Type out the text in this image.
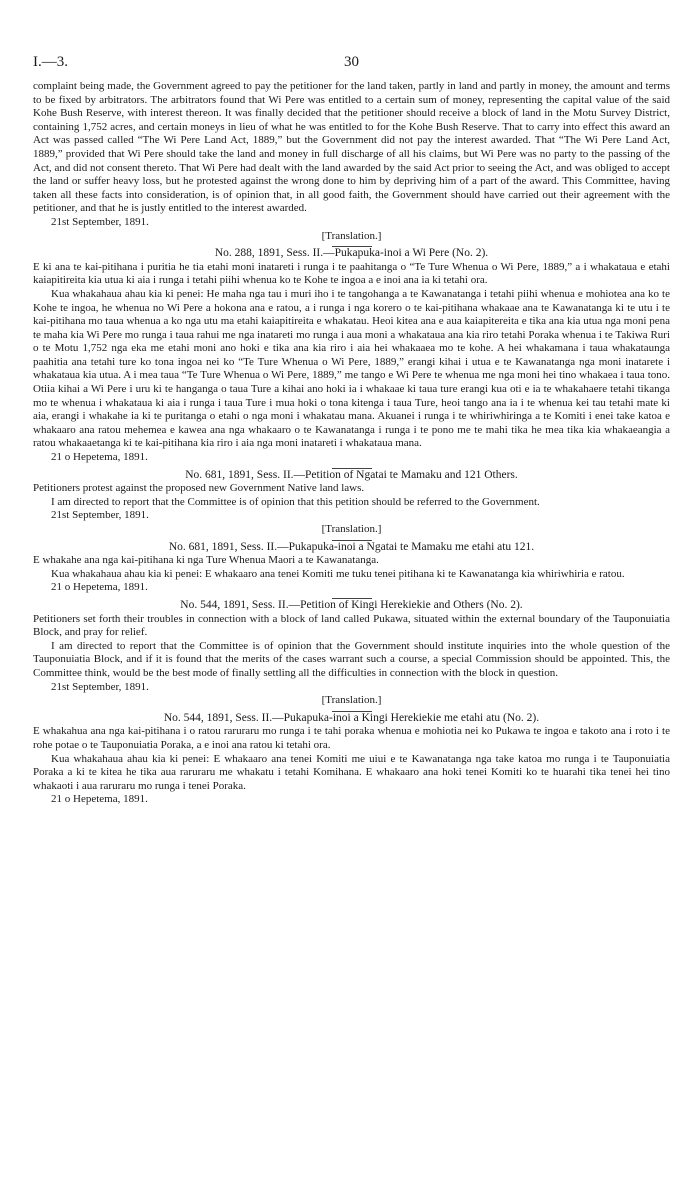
I.—3.	30

complaint being made, the Government agreed to pay the petitioner for the land taken, partly in land and partly in money, the amount and terms to be fixed by arbitrators. The arbitrators found that Wi Pere was entitled to a certain sum of money, representing the capital value of the said Kohe Bush Reserve, with interest thereon. It was finally decided that the petitioner should receive a block of land in the Motu Survey District, containing 1,752 acres, and certain moneys in lieu of what he was entitled to for the Kohe Bush Reserve. That to carry into effect this award an Act was passed called “The Wi Pere Land Act, 1889,” but the Government did not pay the interest awarded. That “The Wi Pere Land Act, 1889,” provided that Wi Pere should take the land and money in full discharge of all his claims, but Wi Pere was no party to the passing of the Act, and did not consent thereto. That Wi Pere had dealt with the land awarded by the said Act prior to seeing the Act, and was obliged to accept the land or suffer heavy loss, but he protested against the wrong done to him by depriving him of a part of the award. This Committee, having taken all these facts into consideration, is of opinion that, in all good faith, the Government should have carried out their agreement with the petitioner, and that he is justly entitled to the interest awarded.

21st September, 1891.

[Translation.]

No. 288, 1891, Sess. II.—Pukapuka-inoi a Wi Pere (No. 2).

E ki ana te kai-pitihana i puritia he tia etahi moni inatareti i runga i te paahitanga o “Te Ture Whenua o Wi Pere, 1889,” a i whakataua e etahi kaiapitireita kia utua ki aia i runga i tetahi piihi whenua ko te Kohe te ingoa a e inoi ana ia ki tetahi ora.

Kua whakahaua ahau kia ki penei: He maha nga tau i muri iho i te tangohanga a te Kawanatanga i tetahi piihi whenua e mohiotea ana ko te Kohe te ingoa, he whenua no Wi Pere a hokona ana e ratou, a i runga i nga korero o te kai-pitihana whakaae ana te Kawanatanga ki te utu i te kai-pitihana mo taua whenua a ko nga utu ma etahi kaiapitireita e whakatau. Heoi kitea ana e aua kaiapitereita e tika ana kia utua nga moni pena te maha kia Wi Pere mo runga i taua rahui me nga inatareti mo runga i aua moni a whakataua ana kia riro tetahi Poraka whenua i te Takiwa Ruri o te Motu 1,752 nga eka me etahi moni ano hoki e tika ana kia riro i aia hei whakaaea mo te kohe. A hei whakamana i taua whakataunga paahitia ana tetahi ture ko tona ingoa nei ko “Te Ture Whenua o Wi Pere, 1889,” erangi kihai i utua e te Kawanatanga nga moni inatarete i whakataua kia utua. A i mea taua “Te Ture Whenua o Wi Pere, 1889,” me tango e Wi Pere te whenua me nga moni hei tino whakaea i taua tono. Otiia kihai a Wi Pere i uru ki te hanganga o taua Ture a kihai ano hoki ia i whakaae ki taua ture erangi kua oti e ia te whakahaere tetahi tikanga mo te whenua i whakataua ki aia i runga i taua Ture i mua hoki o tona kitenga i taua Ture, heoi tango ana ia i te whenua kei tau tetahi mate ki aia, erangi i whakahe ia ki te puritanga o etahi o nga moni i whakatau mana. Akuanei i runga i te whiriwhiringa a te Komiti i enei take katoa e whakaaro ana ratou mehemea e kawea ana nga whakaaro o te Kawanatanga i runga i te pono me te mahi tika he mea tika kia whakaeangia a ratou whakaaetanga ki te kai-pitihana kia riro i aia nga moni inatareti i whakataua mana.

21 o Hepetema, 1891.

No. 681, 1891, Sess. II.—Petition of Ngatai te Mamaku and 121 Others.

Petitioners protest against the proposed new Government Native land laws.

I am directed to report that the Committee is of opinion that this petition should be referred to the Government.

21st September, 1891.

[Translation.]

No. 681, 1891, Sess. II.—Pukapuka-inoi a Ngatai te Mamaku me etahi atu 121.

E whakahe ana nga kai-pitihana ki nga Ture Whenua Maori a te Kawanatanga.

Kua whakahaua ahau kia ki penei: E whakaaro ana tenei Komiti me tuku tenei pitihana ki te Kawanatanga kia whiriwhiria e ratou.

21 o Hepetema, 1891.

No. 544, 1891, Sess. II.—Petition of Kingi Herekiekie and Others (No. 2).

Petitioners set forth their troubles in connection with a block of land called Pukawa, situated within the external boundary of the Tauponuiatia Block, and pray for relief.

I am directed to report that the Committee is of opinion that the Government should institute inquiries into the whole question of the Tauponuiatia Block, and if it is found that the merits of the cases warrant such a course, a special Commission should be appointed. This, the Committee think, would be the best mode of finally settling all the difficulties in connection with the block in question.

21st September, 1891.

[Translation.]

No. 544, 1891, Sess. II.—Pukapuka-inoi a Kingi Herekiekie me etahi atu (No. 2).

E whakahua ana nga kai-pitihana i o ratou raruraru mo runga i te tahi poraka whenua e mohiotia nei ko Pukawa te ingoa e takoto ana i roto i te rohe potae o te Tauponuiatia Poraka, a e inoi ana ratou ki tetahi ora.

Kua whakahaua ahau kia ki penei: E whakaaro ana tenei Komiti me uiui e te Kawanatanga nga take katoa mo runga i te Tauponuiatia Poraka a ki te kitea he tika aua raruraru me whakatu i tetahi Komihana. E whakaaro ana hoki tenei Komiti ko te huarahi tika tenei hei tino whakaoti i aua raruraru mo runga i tenei Poraka.

21 o Hepetema, 1891.
